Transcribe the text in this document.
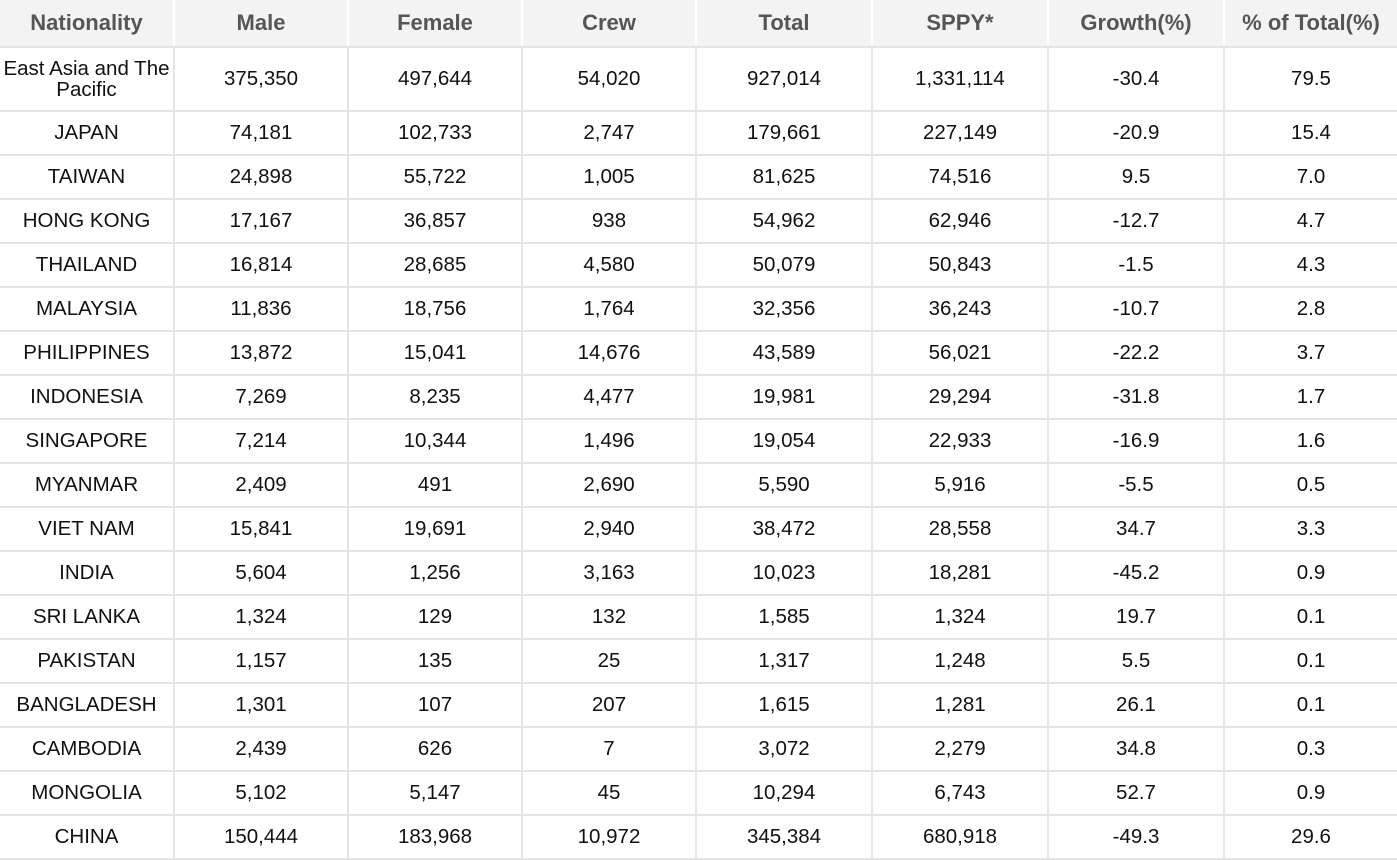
Nationality	Male	Female	Crew	Total	SPPY*	Growth(%)	% of Total(%)
East Asia and The Pacific	375,350	497,644	54,020	927,014	1,331,114	-30.4	79.5
JAPAN	74,181	102,733	2,747	179,661	227,149	-20.9	15.4
TAIWAN	24,898	55,722	1,005	81,625	74,516	9.5	7.0
HONG KONG	17,167	36,857	938	54,962	62,946	-12.7	4.7
THAILAND	16,814	28,685	4,580	50,079	50,843	-1.5	4.3
MALAYSIA	11,836	18,756	1,764	32,356	36,243	-10.7	2.8
PHILIPPINES	13,872	15,041	14,676	43,589	56,021	-22.2	3.7
INDONESIA	7,269	8,235	4,477	19,981	29,294	-31.8	1.7
SINGAPORE	7,214	10,344	1,496	19,054	22,933	-16.9	1.6
MYANMAR	2,409	491	2,690	5,590	5,916	-5.5	0.5
VIET NAM	15,841	19,691	2,940	38,472	28,558	34.7	3.3
INDIA	5,604	1,256	3,163	10,023	18,281	-45.2	0.9
SRI LANKA	1,324	129	132	1,585	1,324	19.7	0.1
PAKISTAN	1,157	135	25	1,317	1,248	5.5	0.1
BANGLADESH	1,301	107	207	1,615	1,281	26.1	0.1
CAMBODIA	2,439	626	7	3,072	2,279	34.8	0.3
MONGOLIA	5,102	5,147	45	10,294	6,743	52.7	0.9
CHINA	150,444	183,968	10,972	345,384	680,918	-49.3	29.6
